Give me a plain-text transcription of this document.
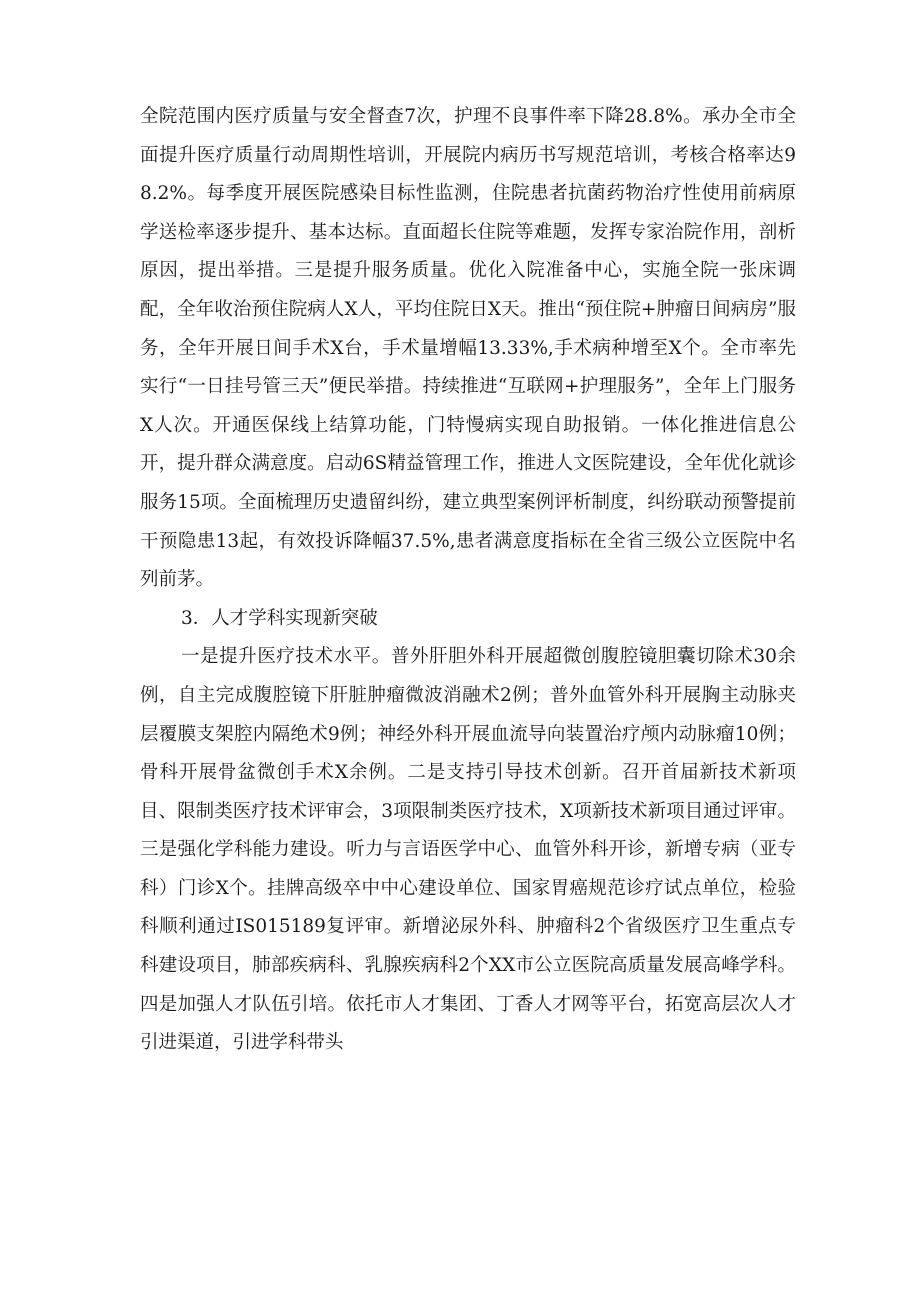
全院范围内医疗质量与安全督查7次，护理不良事件率下降28.8%。承办全市全面提升医疗质量行动周期性培训，开展院内病历书写规范培训，考核合格率达98.2%。每季度开展医院感染目标性监测，住院患者抗菌药物治疗性使用前病原学送检率逐步提升、基本达标。直面超长住院等难题，发挥专家治院作用，剖析原因，提出举措。三是提升服务质量。优化入院准备中心，实施全院一张床调配，全年收治预住院病人X人，平均住院日X天。推出“预住院+肿瘤日间病房”服务，全年开展日间手术X台，手术量增幅13.33%,手术病种增至X个。全市率先实行“一日挂号管三天”便民举措。持续推进“互联网+护理服务”，全年上门服务X人次。开通医保线上结算功能，门特慢病实现自助报销。一体化推进信息公开，提升群众满意度。启动6S精益管理工作，推进人文医院建设，全年优化就诊服务15项。全面梳理历史遗留纠纷，建立典型案例评析制度，纠纷联动预警提前干预隐患13起，有效投诉降幅37.5%,患者满意度指标在全省三级公立医院中名列前茅。

3．人才学科实现新突破

一是提升医疗技术水平。普外肝胆外科开展超微创腹腔镜胆囊切除术30余例，自主完成腹腔镜下肝脏肿瘤微波消融术2例；普外血管外科开展胸主动脉夹层覆膜支架腔内隔绝术9例；神经外科开展血流导向装置治疗颅内动脉瘤10例；骨科开展骨盆微创手术X余例。二是支持引导技术创新。召开首届新技术新项目、限制类医疗技术评审会，3项限制类医疗技术，X项新技术新项目通过评审。三是强化学科能力建设。听力与言语医学中心、血管外科开诊，新增专病（亚专科）门诊X个。挂牌高级卒中中心建设单位、国家胃癌规范诊疗试点单位，检验科顺利通过IS015189复评审。新增泌尿外科、肿瘤科2个省级医疗卫生重点专科建设项目，肺部疾病科、乳腺疾病科2个XX市公立医院高质量发展高峰学科。四是加强人才队伍引培。依托市人才集团、丁香人才网等平台，拓宽高层次人才引进渠道，引进学科带头
